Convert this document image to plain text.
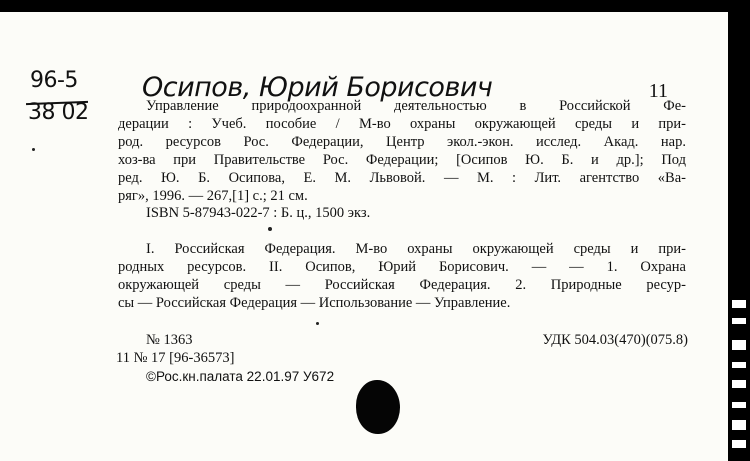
96-5
38 02
Осипов, Юрий Борисович	11
Управление природоохранной деятельностью в Российской Фе-
дерации : Учеб. пособие / М-во охраны окружающей среды и при-
род. ресурсов Рос. Федерации, Центр экол.-экон. исслед. Акад. нар.
хоз-ва при Правительстве Рос. Федерации; [Осипов Ю. Б. и др.]; Под
ред. Ю. Б. Осипова, Е. М. Львовой. — М. : Лит. агентство «Ва-
ряг», 1996. — 267,[1] с.; 21 см.
ISBN 5-87943-022-7 : Б. ц., 1500 экз.
I. Российская Федерация. М-во охраны окружающей среды и при-
родных ресурсов. II. Осипов, Юрий Борисович. — — 1. Охрана
окружающей среды — Российская Федерация. 2. Природные ресур-
сы — Российская Федерация — Использование — Управление.
№ 1363	УДК 504.03(470)(075.8)
11 № 17 [96-36573]
©Рос.кн.палата 22.01.97 У672
